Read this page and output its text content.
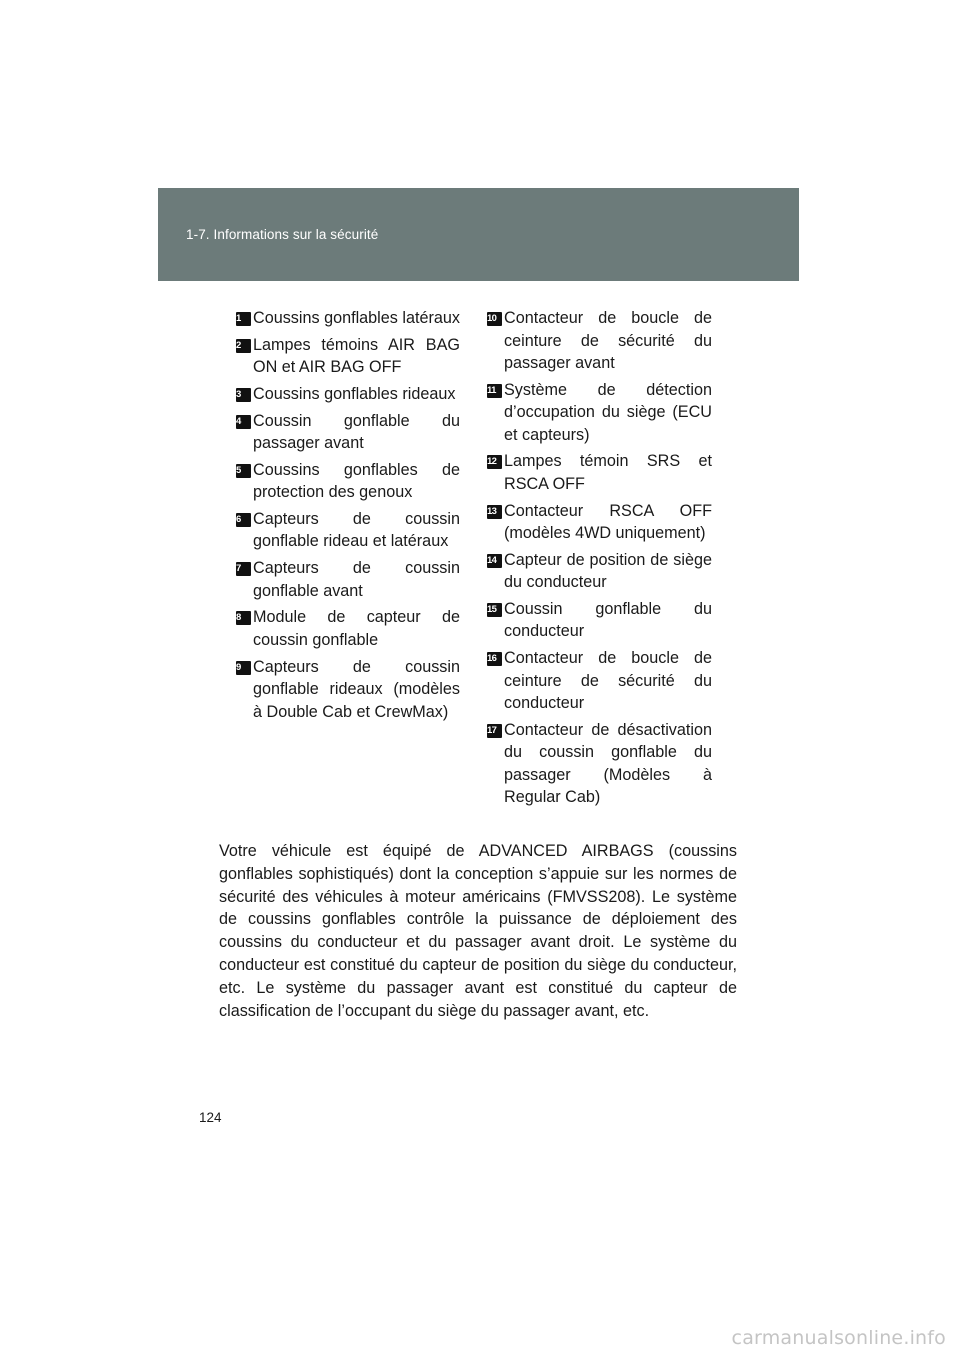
1-7. Informations sur la sécurité
1 Coussins gonflables latéraux
2 Lampes témoins AIR BAG ON et AIR BAG OFF
3 Coussins gonflables rideaux
4 Coussin gonflable du passager avant
5 Coussins gonflables de protection des genoux
6 Capteurs de coussin gonflable rideau et latéraux
7 Capteurs de coussin gonflable avant
8 Module de capteur de coussin gonflable
9 Capteurs de coussin gonflable rideaux (modèles à Double Cab et CrewMax)
10 Contacteur de boucle de ceinture de sécurité du passager avant
11 Système de détection d’occupation du siège (ECU et capteurs)
12 Lampes témoin SRS et RSCA OFF
13 Contacteur RSCA OFF (modèles 4WD uniquement)
14 Capteur de position de siège du conducteur
15 Coussin gonflable du conducteur
16 Contacteur de boucle de ceinture de sécurité du conducteur
17 Contacteur de désactivation du coussin gonflable du passager (Modèles à Regular Cab)

Votre véhicule est équipé de ADVANCED AIRBAGS (coussins gonflables sophistiqués) dont la conception s’appuie sur les normes de sécurité des véhicules à moteur américains (FMVSS208). Le système de coussins gonflables contrôle la puissance de déploiement des coussins du conducteur et du passager avant droit. Le système du conducteur est constitué du capteur de position du siège du conducteur, etc. Le système du passager avant est constitué du capteur de classification de l’occupant du siège du passager avant, etc.

124
carmanualsonline.info
